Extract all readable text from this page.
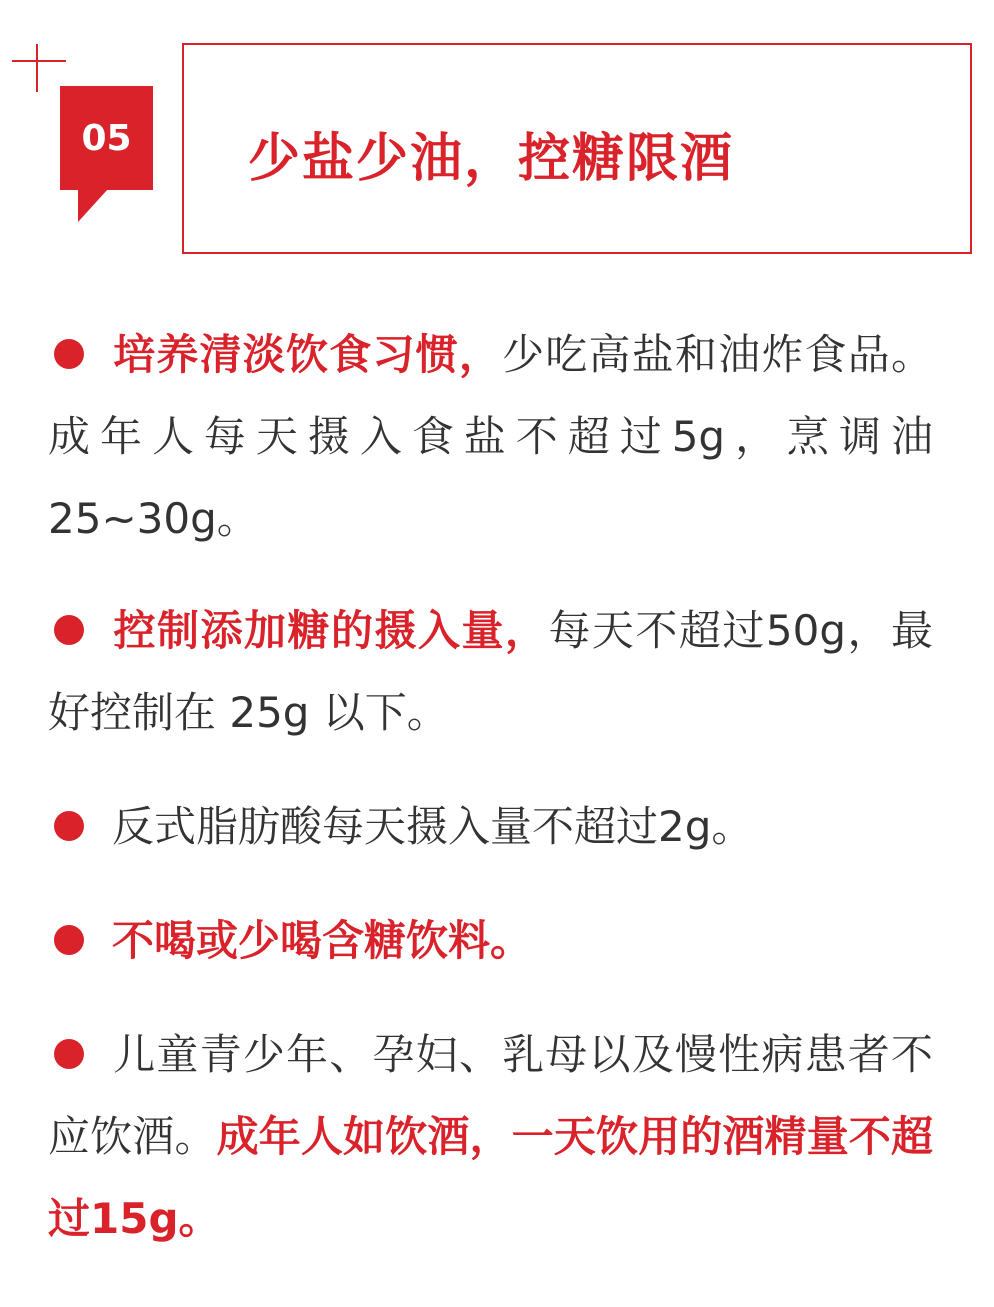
05 少盐少油，控糖限酒
培养清淡饮食习惯，少吃高盐和油炸食品。成年人每天摄入食盐不超过5g，烹调油 25~30g。
控制添加糖的摄入量，每天不超过50g，最好控制在 25g 以下。
反式脂肪酸每天摄入量不超过2g。
不喝或少喝含糖饮料。
儿童青少年、孕妇、乳母以及慢性病患者不应饮酒。成年人如饮酒，一天饮用的酒精量不超过15g。
